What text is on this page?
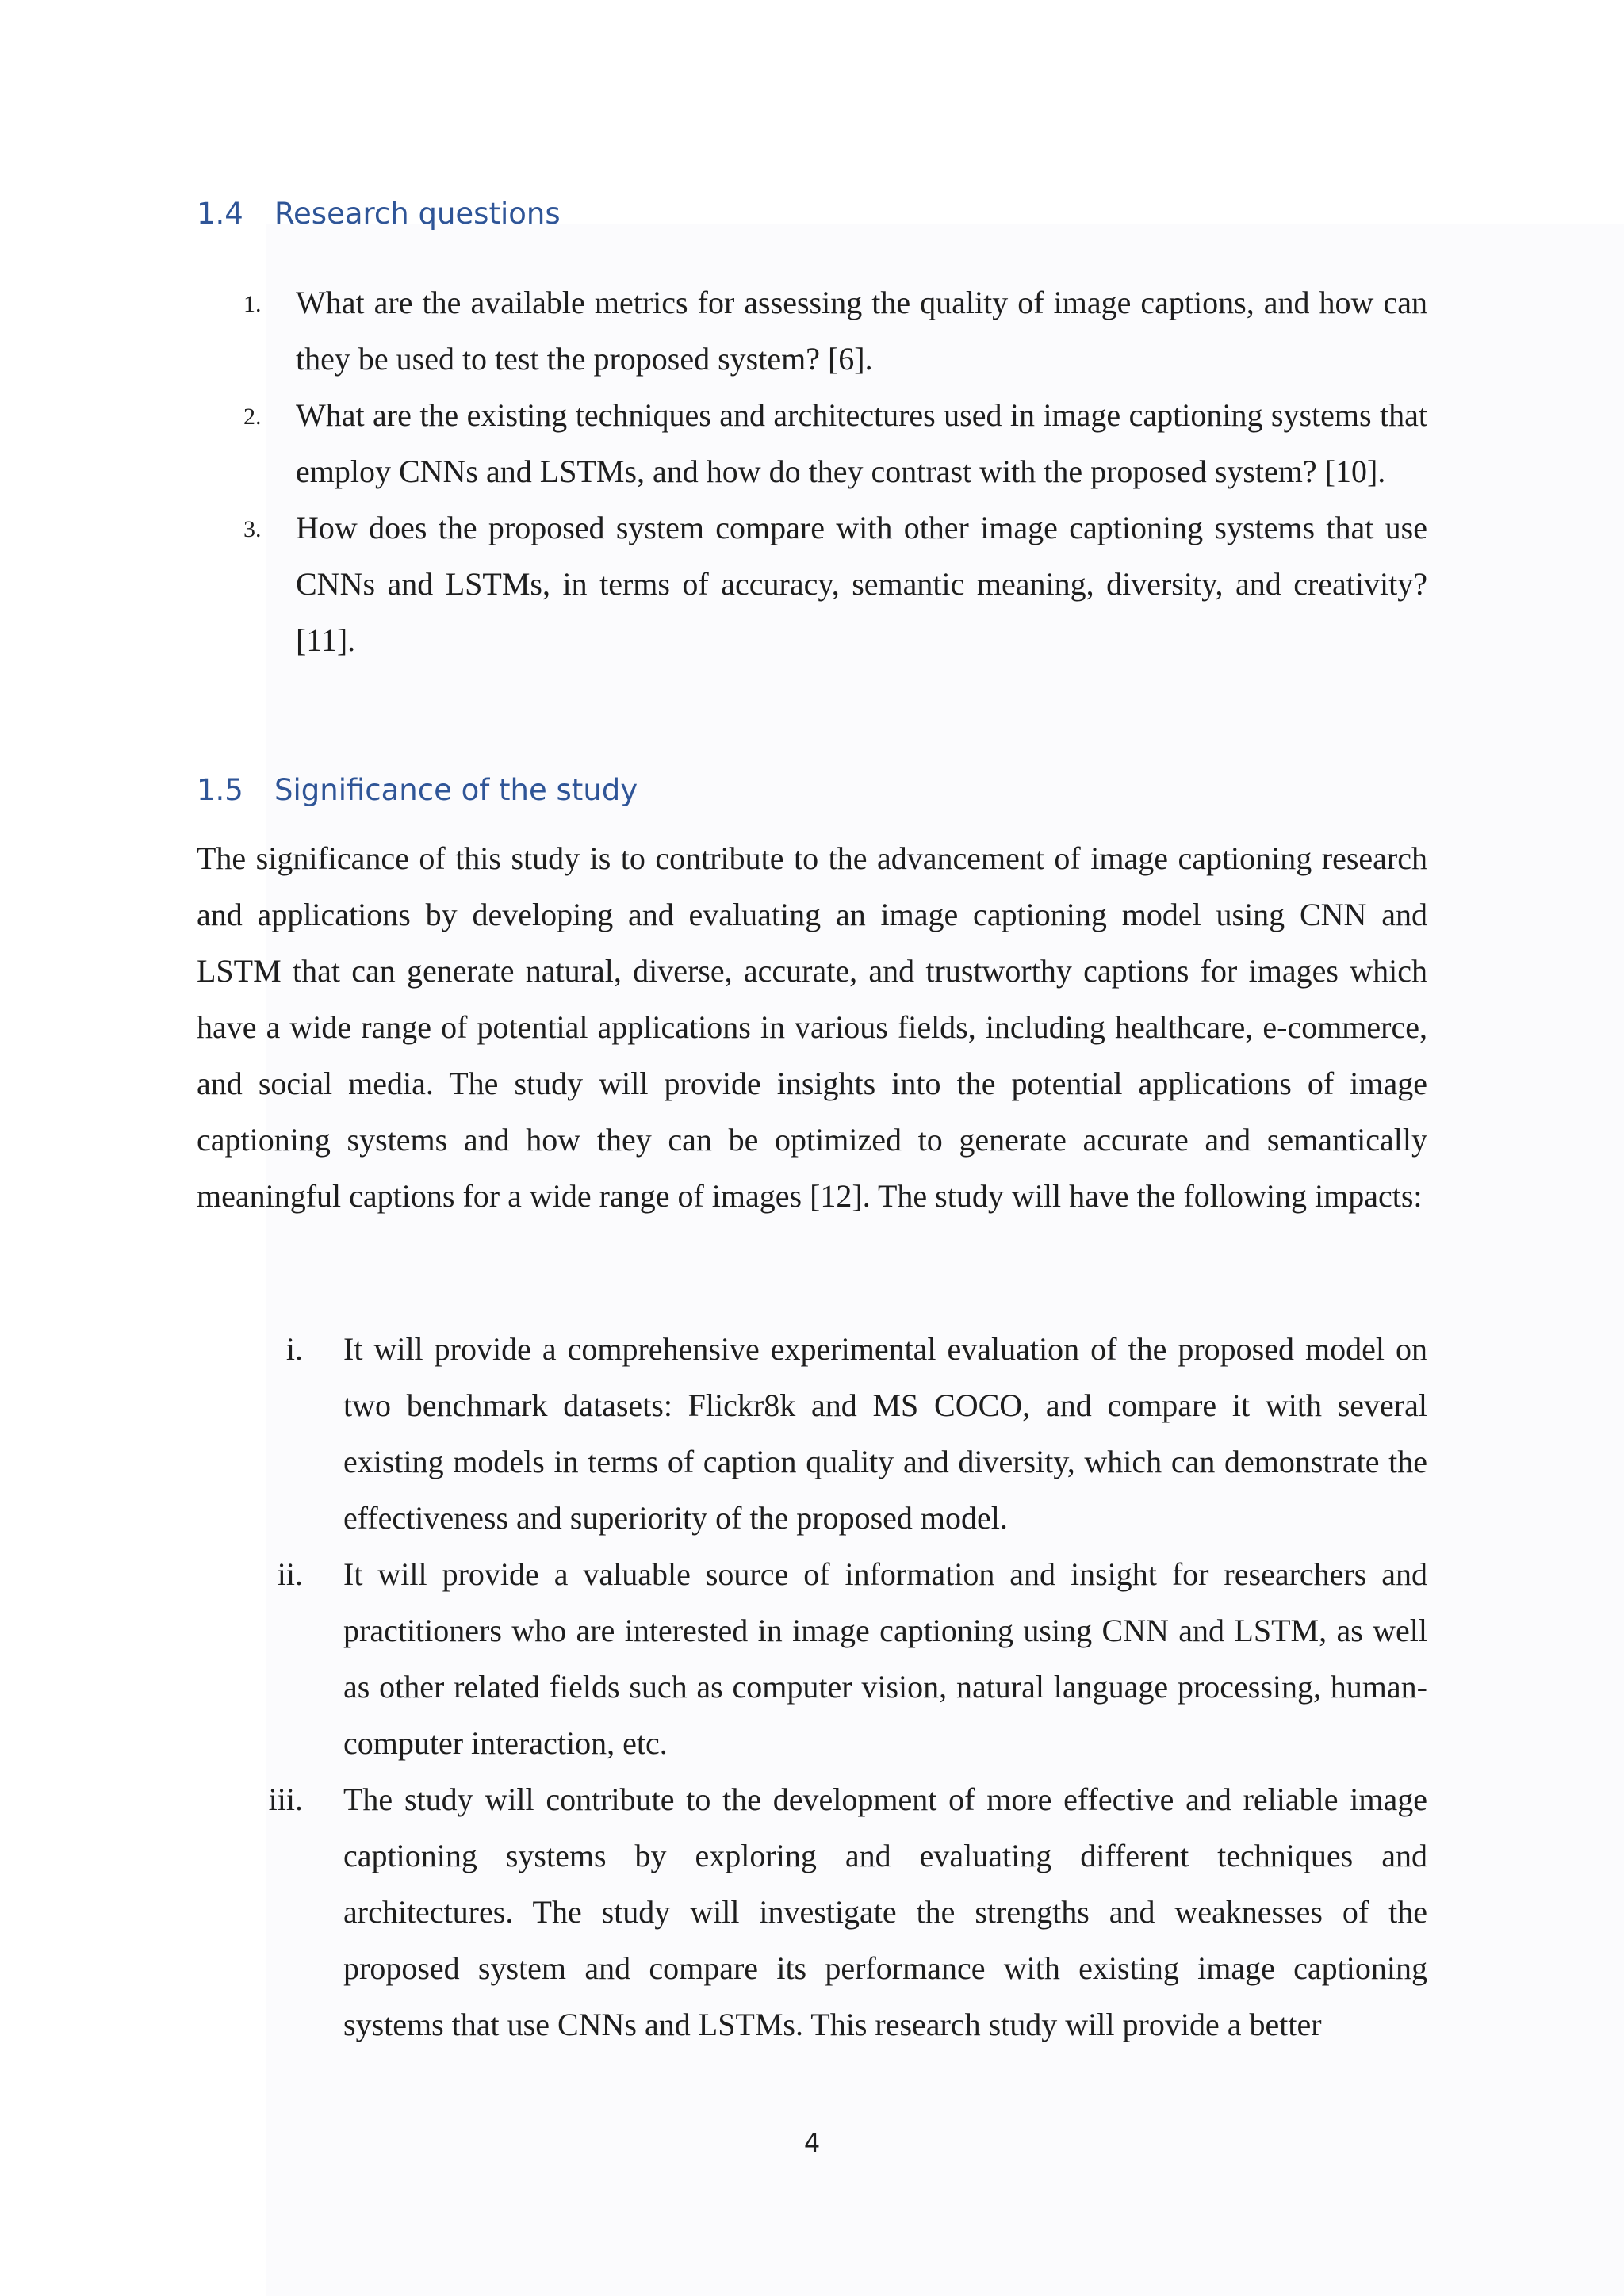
1.4 Research questions
1. What are the available metrics for assessing the quality of image captions, and how can they be used to test the proposed system? [6].
2. What are the existing techniques and architectures used in image captioning systems that employ CNNs and LSTMs, and how do they contrast with the proposed system? [10].
3. How does the proposed system compare with other image captioning systems that use CNNs and LSTMs, in terms of accuracy, semantic meaning, diversity, and creativity? [11].
1.5 Significance of the study

The significance of this study is to contribute to the advancement of image captioning research and applications by developing and evaluating an image captioning model using CNN and LSTM that can generate natural, diverse, accurate, and trustworthy captions for images which have a wide range of potential applications in various fields, including healthcare, e-commerce, and social media. The study will provide insights into the potential applications of image captioning systems and how they can be optimized to generate accurate and semantically meaningful captions for a wide range of images [12]. The study will have the following impacts:

i. It will provide a comprehensive experimental evaluation of the proposed model on two benchmark datasets: Flickr8k and MS COCO, and compare it with several existing models in terms of caption quality and diversity, which can demonstrate the effectiveness and superiority of the proposed model.
ii. It will provide a valuable source of information and insight for researchers and practitioners who are interested in image captioning using CNN and LSTM, as well as other related fields such as computer vision, natural language processing, human-computer interaction, etc.
iii. The study will contribute to the development of more effective and reliable image captioning systems by exploring and evaluating different techniques and architectures. The study will investigate the strengths and weaknesses of the proposed system and compare its performance with existing image captioning systems that use CNNs and LSTMs. This research study will provide a better
4
